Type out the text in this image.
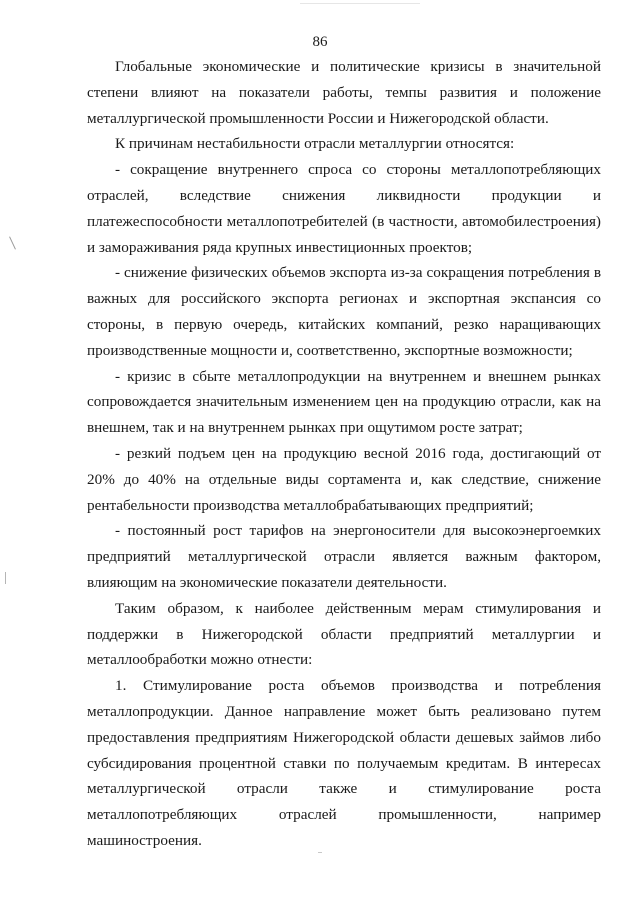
86

Глобальные экономические и политические кризисы в значительной степени влияют на показатели работы, темпы развития и положение металлургической промышленности России и Нижегородской области.

К причинам нестабильности отрасли металлургии относятся:

- сокращение внутреннего спроса со стороны металлопотребляющих отраслей, вследствие снижения ликвидности продукции и платежеспособности металлопотребителей (в частности, автомобилестроения) и замораживания ряда крупных инвестиционных проектов;

- снижение физических объемов экспорта из-за сокращения потребления в важных для российского экспорта регионах и экспортная экспансия со стороны, в первую очередь, китайских компаний, резко наращивающих производственные мощности и, соответственно, экспортные возможности;

- кризис в сбыте металлопродукции на внутреннем и внешнем рынках сопровождается значительным изменением цен на продукцию отрасли, как на внешнем, так и на внутреннем рынках при ощутимом росте затрат;

- резкий подъем цен на продукцию весной 2016 года, достигающий от 20% до 40% на отдельные виды сортамента и, как следствие, снижение рентабельности производства металлобрабатывающих предприятий;

- постоянный рост тарифов на энергоносители для высокоэнергоемких предприятий металлургической отрасли является важным фактором, влияющим на экономические показатели деятельности.

Таким образом, к наиболее действенным мерам стимулирования и поддержки в Нижегородской области предприятий металлургии и металлообработки можно отнести:

1. Стимулирование роста объемов производства и потребления металлопродукции. Данное направление может быть реализовано путем предоставления предприятиям Нижегородской области дешевых займов либо субсидирования процентной ставки по получаемым кредитам. В интересах металлургической отрасли также и стимулирование роста металлопотребляющих отраслей промышленности, например машиностроения.
